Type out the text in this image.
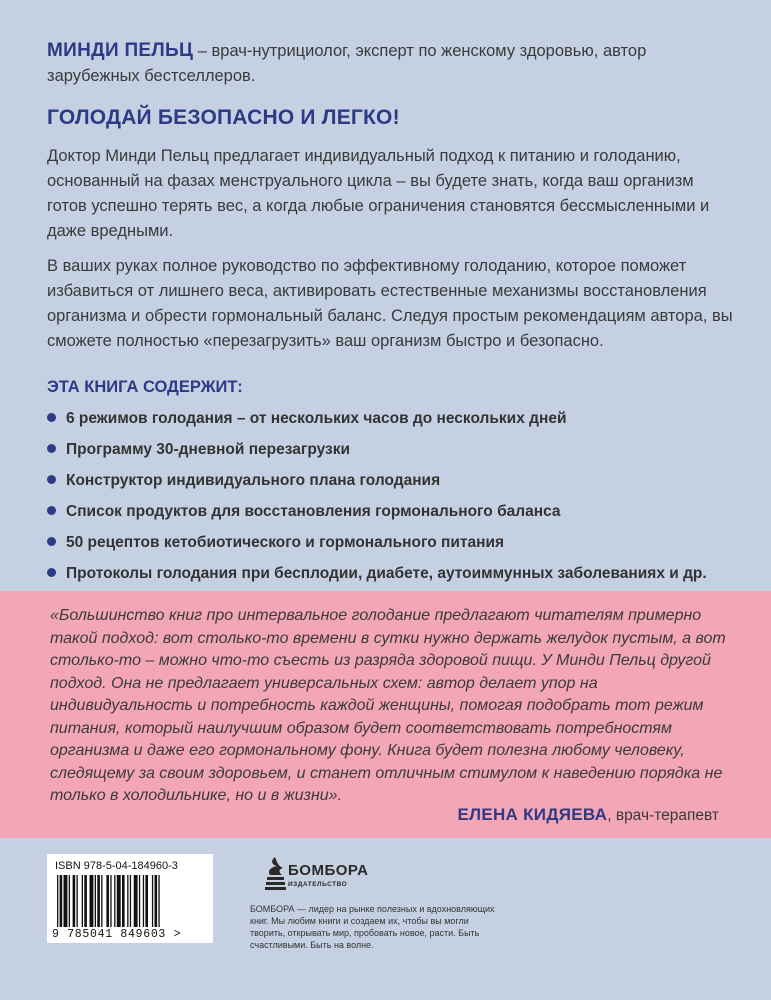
МИНДИ ПЕЛЬЦ – врач-нутрициолог, эксперт по женскому здоровью, автор зарубежных бестселлеров.

ГОЛОДАЙ БЕЗОПАСНО И ЛЕГКО!

Доктор Минди Пельц предлагает индивидуальный подход к питанию и голоданию, основанный на фазах менструального цикла – вы будете знать, когда ваш организм готов успешно терять вес, а когда любые ограничения становятся бессмысленными и даже вредными.

В ваших руках полное руководство по эффективному голоданию, которое поможет избавиться от лишнего веса, активировать естественные механизмы восстановления организма и обрести гормональный баланс. Следуя простым рекомендациям автора, вы сможете полностью «перезагрузить» ваш организм быстро и безопасно.

ЭТА КНИГА СОДЕРЖИТ:
6 режимов голодания – от нескольких часов до нескольких дней
Программу 30-дневной перезагрузки
Конструктор индивидуального плана голодания
Список продуктов для восстановления гормонального баланса
50 рецептов кетобиотического и гормонального питания
Протоколы голодания при бесплодии, диабете, аутоиммунных заболеваниях и др.

«Большинство книг про интервальное голодание предлагают читателям примерно такой подход: вот столько-то времени в сутки нужно держать желудок пустым, а вот столько-то – можно что-то съесть из разряда здоровой пищи. У Минди Пельц другой подход. Она не предлагает универсальных схем: автор делает упор на индивидуальность и потребность каждой женщины, помогая подобрать тот режим питания, который наилучшим образом будет соответствовать потребностям организма и даже его гормональному фону. Книга будет полезна любому человеку, следящему за своим здоровьем, и станет отличным стимулом к наведению порядка не только в холодильнике, но и в жизни».

ЕЛЕНА КИДЯЕВА, врач-терапевт
ISBN 978-5-04-184960-3
9 785041 849603 >
БОМБОРА
ИЗДАТЕЛЬСТВО

БОМБОРА — лидер на рынке полезных и вдохновляющих книг. Мы любим книги и создаем их, чтобы вы могли творить, открывать мир, пробовать новое, расти. Быть счастливыми. Быть на волне.
